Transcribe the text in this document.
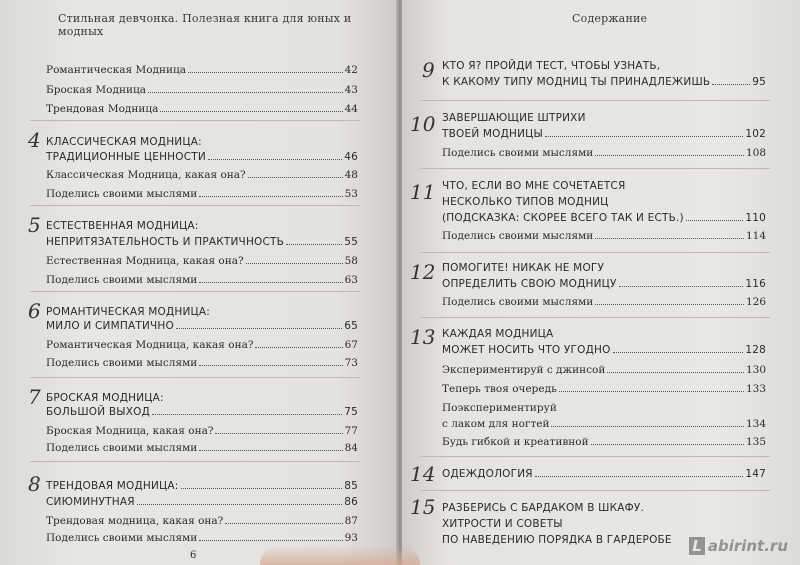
Стильная девчонка. Полезная книга для юных и модных
Романтическая Модница	42
Броская Модница	43
Трендовая Модница	44
4 КЛАССИЧЕСКАЯ МОДНИЦА:
ТРАДИЦИОННЫЕ ЦЕННОСТИ	46
Классическая Модница, какая она?	48
Поделись своими мыслями	53
5 ЕСТЕСТВЕННАЯ МОДНИЦА:
НЕПРИТЯЗАТЕЛЬНОСТЬ И ПРАКТИЧНОСТЬ	55
Естественная Модница, какая она?	58
Поделись своими мыслями	63
6 РОМАНТИЧЕСКАЯ МОДНИЦА:
МИЛО И СИМПАТИЧНО	65
Романтическая Модница, какая она?	67
Поделись своими мыслями	73
7 БРОСКАЯ МОДНИЦА:
БОЛЬШОЙ ВЫХОД	75
Броская Модница, какая она?	77
Поделись своими мыслями	84
8 ТРЕНДОВАЯ МОДНИЦА:	85
СИЮМИНУТНАЯ	86
Трендовая модница, какая она?	87
Поделись своими мыслями	93
6
Содержание
9 КТО Я? ПРОЙДИ ТЕСТ, ЧТОБЫ УЗНАТЬ,
К КАКОМУ ТИПУ МОДНИЦ ТЫ ПРИНАДЛЕЖИШЬ	95
10 ЗАВЕРШАЮЩИЕ ШТРИХИ
ТВОЕЙ МОДНИЦЫ	102
Поделись своими мыслями	108
11 ЧТО, ЕСЛИ ВО МНЕ СОЧЕТАЕТСЯ
НЕСКОЛЬКО ТИПОВ МОДНИЦ
(ПОДСКАЗКА: СКОРЕЕ ВСЕГО ТАК И ЕСТЬ.)	110
Поделись своими мыслями	114
12 ПОМОГИТЕ! НИКАК НЕ МОГУ
ОПРЕДЕЛИТЬ СВОЮ МОДНИЦУ	116
Поделись своими мыслями	126
13 КАЖДАЯ МОДНИЦА
МОЖЕТ НОСИТЬ ЧТО УГОДНО	128
Экспериментируй с джинсой	130
Теперь твоя очередь	133
Поэкспериментируй
с лаком для ногтей	134
Будь гибкой и креативной	135
14 ОДЕЖДОЛОГИЯ	147
15 РАЗБЕРИСЬ С БАРДАКОМ В ШКАФУ.
ХИТРОСТИ И СОВЕТЫ
ПО НАВЕДЕНИЮ ПОРЯДКА В ГАРДЕРОБЕ L abirint.ru
